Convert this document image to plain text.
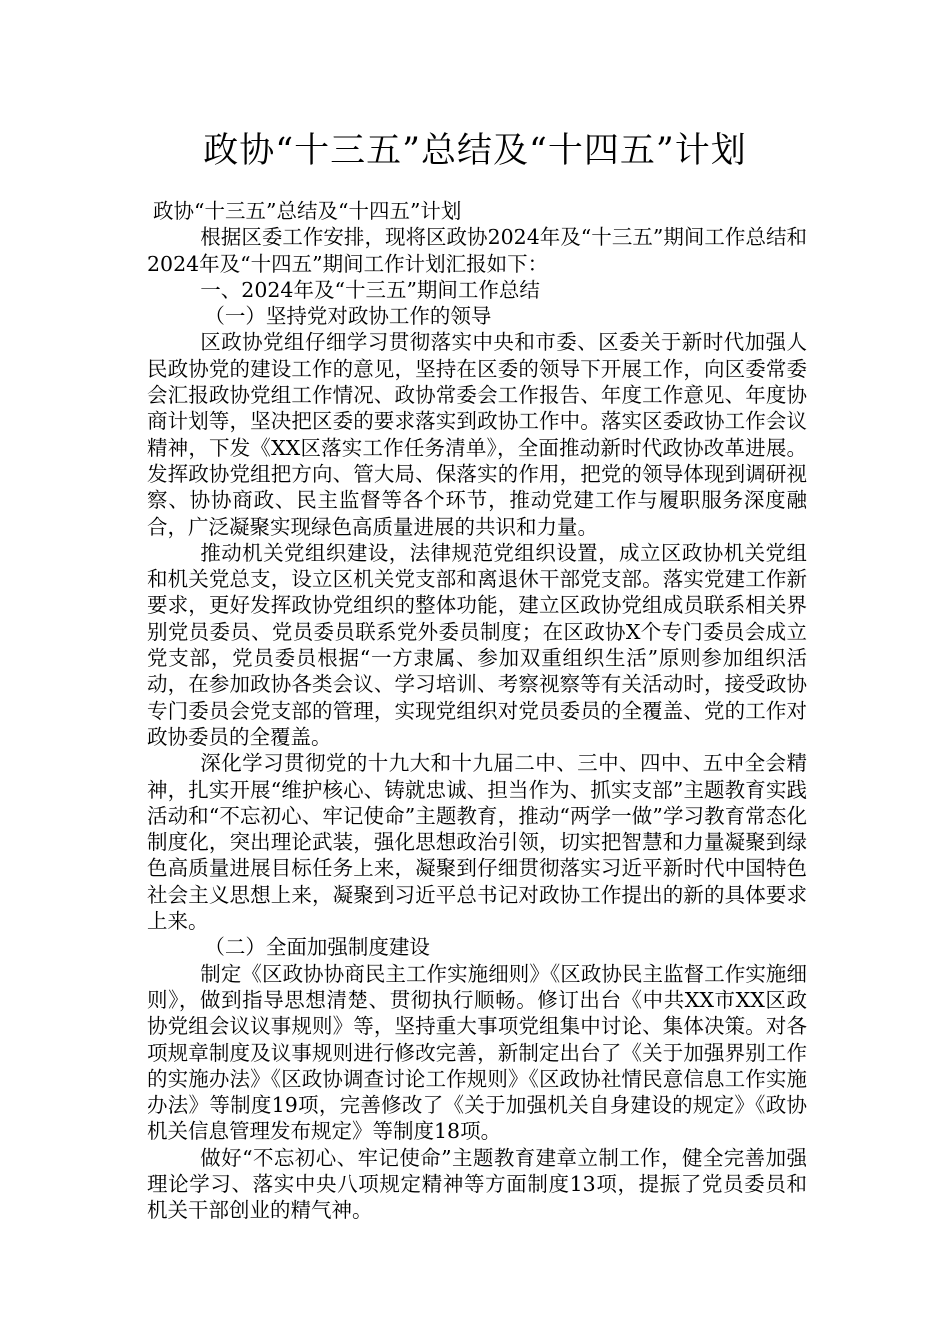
政协“十三五”总结及“十四五”计划

政协“十三五”总结及“十四五”计划

根据区委工作安排，现将区政协2024年及“十三五”期间工作总结和2024年及“十四五”期间工作计划汇报如下：

一、2024年及“十三五”期间工作总结

（一）坚持党对政协工作的领导

区政协党组仔细学习贯彻落实中央和市委、区委关于新时代加强人民政协党的建设工作的意见，坚持在区委的领导下开展工作，向区委常委会汇报政协党组工作情况、政协常委会工作报告、年度工作意见、年度协商计划等，坚决把区委的要求落实到政协工作中。落实区委政协工作会议精神，下发《XX区落实工作任务清单》，全面推动新时代政协改革进展。发挥政协党组把方向、管大局、保落实的作用，把党的领导体现到调研视察、协协商政、民主监督等各个环节，推动党建工作与履职服务深度融合，广泛凝聚实现绿色高质量进展的共识和力量。

推动机关党组织建设，法律规范党组织设置，成立区政协机关党组和机关党总支，设立区机关党支部和离退休干部党支部。落实党建工作新要求，更好发挥政协党组织的整体功能，建立区政协党组成员联系相关界别党员委员、党员委员联系党外委员制度；在区政协X个专门委员会成立党支部，党员委员根据“一方隶属、参加双重组织生活”原则参加组织活动，在参加政协各类会议、学习培训、考察视察等有关活动时，接受政协专门委员会党支部的管理，实现党组织对党员委员的全覆盖、党的工作对政协委员的全覆盖。

深化学习贯彻党的十九大和十九届二中、三中、四中、五中全会精神，扎实开展“维护核心、铸就忠诚、担当作为、抓实支部”主题教育实践活动和“不忘初心、牢记使命”主题教育，推动“两学一做”学习教育常态化制度化，突出理论武装，强化思想政治引领，切实把智慧和力量凝聚到绿色高质量进展目标任务上来，凝聚到仔细贯彻落实习近平新时代中国特色社会主义思想上来，凝聚到习近平总书记对政协工作提出的新的具体要求上来。

（二）全面加强制度建设

制定《区政协协商民主工作实施细则》《区政协民主监督工作实施细则》，做到指导思想清楚、贯彻执行顺畅。修订出台《中共XX市XX区政协党组会议议事规则》等，坚持重大事项党组集中讨论、集体决策。对各项规章制度及议事规则进行修改完善，新制定出台了《关于加强界别工作的实施办法》《区政协调查讨论工作规则》《区政协社情民意信息工作实施办法》等制度19项，完善修改了《关于加强机关自身建设的规定》《政协机关信息管理发布规定》等制度18项。

做好“不忘初心、牢记使命”主题教育建章立制工作，健全完善加强理论学习、落实中央八项规定精神等方面制度13项，提振了党员委员和机关干部创业的精气神。
